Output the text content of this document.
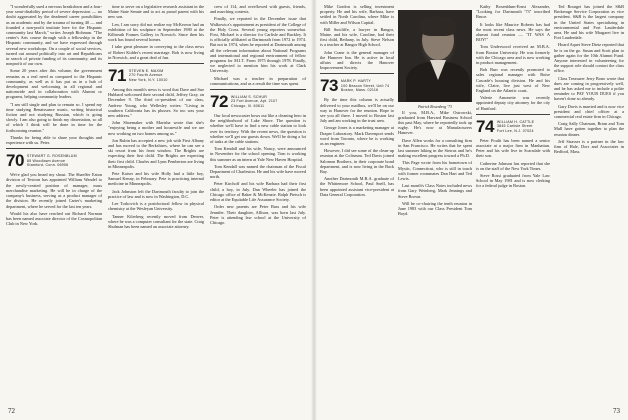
"I wonderfully used a nervous breakdown and a four-year semi-disability period of severe depression — no doubt aggravated by the deadened career possibilities as an academic and by the trauma of turning 40 — and founded a non-profit institute here for the Hispanic community last March," writes Joseph Richman. "The center's Arts course through with a fellowship in the Hispanic community, and we have expressed through several new workshops. On a couple of social services, turned out around politically into art and Republicans in search of private funding of its community, and its nonprofit of our own.

Some 20 years after this volume, the government remains as a real need as compared to the Hispanic community, as well as it has put us in a hub of development and welcoming in all regional and nationwide and in collaboration with Alumni or programs, helping community leaders.

"I am still single and plan to remain so. I spend my time studying Renaissance music, writing historical fiction and not studying Russian, which is going slowly. I am also going to finish my dissertation, so all of which I think will be done in time for the forthcoming reunion."

Thanks for being able to share your thoughts and experience with us. Peter.

70 STEWART G. ROSENBLUM
85 Woodlawn Avenue
Stamford, Conn. 06906

We're glad you heard my shout. The Shaeffer Eaton division of Textron has appointed William Wandel to the newly-created position of manager, mass merchandise marketing. He will be in charge of the company's business, serving as a product manager of the division. He recently joined Carter's marketing department, where he served for the last ten years.

Would his also have reached out Richard Norman has been named associate director of the Cosmopolitan Club in New York.

time to serve on a legislative research assistant in the Maine State Senate and to act as proud parent with his new son.

Len, I am sorry did not realize my McKeown had an exhibition of his sculpture in September 1980 at the Kilbreath Frames Gallery in Norwich. Since then his work has found several homes.

I take great pleasure in conveying to the class news of Robert Kidder's recent marriage. Bob is now living in Norwich, and a great deal of fun.

71 STEVEN E. MAXIM
270 Fourth Avenue
New York, N.Y. 10010

Among this month's news is word that Dave and Sue Hubbard welcomed their second child, Jeffrey Gray, on December 9. The third co-president of our class, Andrew Young, who Wellesley writes: "Living in southern California has its plusses. So too was your new address."

John Shoemaker with Marisha wrote that she's "enjoying being a mother and housewife and we are now working on two homes among us."

Jon Rubin has accepted a new job with First Albany and has moved to the Berkshires, where he can see a ski resort from his front window. The Brights are expecting their first child. The Brights are expecting their first child. Charles and Lynn Pemberton are living in Minneapolis.

Pete Kaiser and his wife Holly had a little boy, Samuel Kenny, in February. Pete is practicing internal medicine in Minneapolis.

Jack Johnston left the Dartmouth faculty to join the practice of law and is now in Washington, D.C.

Lee Torkovich is a postdoctoral fellow in physical chemistry at the Wesleyan University.

Tanner Kilerberg recently moved from Denver, where he was a computer consultant for the state. Craig Shulman has been named an associate attorney.

crew of 114, and overflowed with guests, friends, and marching contests.

Finally, we reported in the December issue that Walkowicz's appointment as president of the College of the Holy Cross. Several young reporters somewhat. First, Michael is a director for Carlisle and Buckley. It is officially affiliated at Dartmouth from 1972 to 1974. But not in 1974, when he reported at Dartmouth among all the relevant information about National Programs and international and regional environment of fellow programs for M.I.T. From 1975 through 1978. Finally, we neglected to mention him his work at Clark University.

Michael was a teacher in preparation of communications, and as a result the time was spent.

72 WILLIAM S. SCHUR
23 Fort Avenue, Apt. 2107
Chicago, Ill. 60611

Our local newscaster bows out like a cleaning hero in the neighborhood of Lake Shore. The question is whether we'll have to find a new cable station to look over its territory. With the recent news, the question is whether we'll get our guests down. We'll be doing a lot of tasks at the cable stations.

Tom Kendall and his wife, Nancy, were announced in November for the school opening. Tom is working this summer as an intern at Yale New Haven Hospital.

Tom Kendall was named the chairman of the Fiscal Department of Charleston. He and his wife have moved north.

Peter Kirchoff and his wife Barbara had their first child, a boy, in July. Dan Wheeler has joined the Chicago office of Baker & McKenzie. Ralph Pietsch is editor at the Equitable Life Assurance Society.

Order new parents are Peter Bass and his wife Jennifer. Their daughter, Allison, was born last July. Peter is attending law school at the University of Chicago.

72

Mike Gordon is selling investment property. He and his wife, Barbara, have settled in North Carolina, where Mike is with Miller and Wilson Capital.

Bill Sutcliffe, a lawyer in Bangor, Maine, and his wife, Caroline, had their first child, Bethany, in July. Steve Nelson is a teacher at Bangor High School.

John Crane is the general manager of the Hanover Inn. He is active in local affairs and directs the Hanover Improvement Society.

73 MARK P. HARTY
100 Beacon Street, Unit 74
Boston, Mass. 02116

By the time this column is actually delivered to your mailbox, we'll be on our way to Hanover for the reunion. Hope to see you all there. I moved to Boston last July and am working in the trust area.

George Jones is a marketing manager at Draper Laboratory. Mark Davenport sends word from Toronto, where he is working as an engineer.

However, I did see some of the clean-up reunion at the Coliseum. Ted Davis joined Salomon Brothers, in their corporate bond department, and is now living in the Back Bay.

Another Dartmouth M.B.A. graduate of the Whittemore School, Paul Snell, has been appointed assistant vice-president at Data General Corporation.

Patrick Rosenberg '73

If you, M.B.A., Mike Ostrowski, graduated from Harvard Business School this past May, where he reportedly took up rugby. He's now at Manufacturers Hanover.

Dave Allen works for a consulting firm in San Francisco. He writes that he spent last summer hiking in the Sierras and he's making excellent progress toward a Ph.D.

This Page wrote from his hometown of Mystic, Connecticut, who is still in touch with former roommates Dan Hart and Ted Lewis.

Last month's Class Notes included news from Gary Weinberg, Mark Jennings and Steve Brown.

Will be co-chairing the tenth reunion in June 1983 with our Class President Tom Boyd.

Kathy Rosenblum-Ernst Alexander, "Looking for Dartmouth '73" inscribed Bruce.

It looks like Maurice Roberts has had the most recent class news. He says the alumni fund reunion — "IT WAS A BOY!"

Tom Underwood received an M.B.A. from Boston University. He was formerly with the Chicago area and is now working in product management.

Bob Burr was recently promoted to sales regional manager with Boise Cascade's housing division. He and his wife, Claire, live just west of New England on the Atlantic coast.

Valerie Amonette was recently appointed deputy city attorney for the city of Hartford.

74 WILLIAM H. CATTLE
3845 Carlisle Street
Fort Lee, N.J. 07024

Peter Poulit has been named a senior associate at a major firm in Manhattan. Peter and his wife live in Scarsdale with their son.

Catherine Johnson has reported that she is on the staff of the New York Times.

Steve Rossi graduated from Yale Law School in May 1981 and is now clerking for a federal judge in Boston.

Ted Bourget has joined the S&B Brokerage Service Corporation as vice president. S&B is the largest company in the United States specializing in environmental and Fort Lauderdale area. He and his wife Margaret live in Fort Lauderdale.

Hoard Aquet Steve Dietz reported that he is on the go. Susan and Scott plan to gather again for the 10th Alumni Fund. Anyone interested in volunteering for the support role should contact the class office.

Class Treasurer Jerry Bono wrote that dues are coming in progressively well, and he has asked me to include a polite reminder to PAY YOUR DUES if you haven't done so already.

Gary Davis is married and is now vice president and chief officer at a commercial real estate firm in Chicago.

Craig Sally Chatman, Brian and Tom Mull have gotten together to plan the reunion dinner.

Jeff Strasser is a partner in the law firm of Hale, Dorr and Associates in Bedford, Mass.

73
